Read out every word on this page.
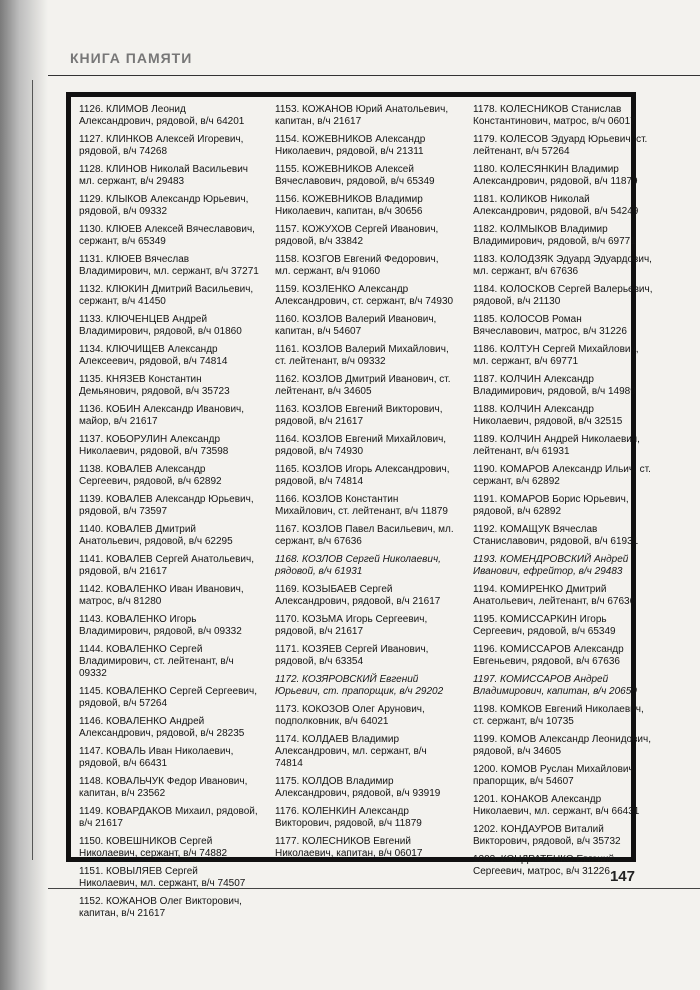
КНИГА ПАМЯТИ

1126. КЛИМОВ Леонид Александрович, рядовой, в/ч 64201

1127. КЛИНКОВ Алексей Игоревич, рядовой, в/ч 74268

1128. КЛИНОВ Николай Васильевич мл. сержант, в/ч 29483

1129. КЛЫКОВ Александр Юрьевич, рядовой, в/ч 09332

1130. КЛЮЕВ Алексей Вячеславович, сержант, в/ч 65349

1131. КЛЮЕВ Вячеслав Владимирович, мл. сержант, в/ч 37271

1132. КЛЮКИН Дмитрий Васильевич, сержант, в/ч 41450

1133. КЛЮЧЕНЦЕВ Андрей Владимирович, рядовой, в/ч 01860

1134. КЛЮЧИЩЕВ Александр Алексеевич, рядовой, в/ч 74814

1135. КНЯЗЕВ Константин Демьянович, рядовой, в/ч 35723

1136. КОБИН Александр Иванович, майор, в/ч 21617

1137. КОБОРУЛИН Александр Николаевич, рядовой, в/ч 73598

1138. КОВАЛЕВ Александр Сергеевич, рядовой, в/ч 62892

1139. КОВАЛЕВ Александр Юрьевич, рядовой, в/ч 73597

1140. КОВАЛЕВ Дмитрий Анатольевич, рядовой, в/ч 62295

1141. КОВАЛЕВ Сергей Анатольевич, рядовой, в/ч 21617

1142. КОВАЛЕНКО Иван Иванович, матрос, в/ч 81280

1143. КОВАЛЕНКО Игорь Владимирович, рядовой, в/ч 09332

1144. КОВАЛЕНКО Сергей Владимирович, ст. лейтенант, в/ч 09332

1145. КОВАЛЕНКО Сергей Сергеевич, рядовой, в/ч 57264

1146. КОВАЛЕНКО Андрей Александрович, рядовой, в/ч 28235

1147. КОВАЛЬ Иван Николаевич, рядовой, в/ч 66431

1148. КОВАЛЬЧУК Федор Иванович, капитан, в/ч 23562

1149. КОВАРДАКОВ Михаил, рядовой, в/ч 21617

1150. КОВЕШНИКОВ Сергей Николаевич, сержант, в/ч 74882

1151. КОВЫЛЯЕВ Сергей Николаевич, мл. сержант, в/ч 74507

1152. КОЖАНОВ Олег Викторович, капитан, в/ч 21617

1153. КОЖАНОВ Юрий Анатольевич, капитан, в/ч 21617

1154. КОЖЕВНИКОВ Александр Николаевич, рядовой, в/ч 21311

1155. КОЖЕВНИКОВ Алексей Вячеславович, рядовой, в/ч 65349

1156. КОЖЕВНИКОВ Владимир Николаевич, капитан, в/ч 30656

1157. КОЖУХОВ Сергей Иванович, рядовой, в/ч 33842

1158. КОЗГОВ Евгений Федорович, мл. сержант, в/ч 91060

1159. КОЗЛЕНКО Александр Александрович, ст. сержант, в/ч 74930

1160. КОЗЛОВ Валерий Иванович, капитан, в/ч 54607

1161. КОЗЛОВ Валерий Михайлович, ст. лейтенант, в/ч 09332

1162. КОЗЛОВ Дмитрий Иванович, ст. лейтенант, в/ч 34605

1163. КОЗЛОВ Евгений Викторович, рядовой, в/ч 21617

1164. КОЗЛОВ Евгений Михайлович, рядовой, в/ч 74930

1165. КОЗЛОВ Игорь Александрович, рядовой, в/ч 74814

1166. КОЗЛОВ Константин Михайлович, ст. лейтенант, в/ч 11879

1167. КОЗЛОВ Павел Васильевич, мл. сержант, в/ч 67636

1168. КОЗЛОВ Сергей Николаевич, рядовой, в/ч 61931

1169. КОЗЫБАЕВ Сергей Александрович, рядовой, в/ч 21617

1170. КОЗЬМА Игорь Сергеевич, рядовой, в/ч 21617

1171. КОЗЯЕВ Сергей Иванович, рядовой, в/ч 63354

1172. КОЗЯРОВСКИЙ Евгений Юрьевич, ст. прапорщик, в/ч 29202

1173. КОКОЗОВ Олег Арунович, подполковник, в/ч 64021

1174. КОЛДАЕВ Владимир Александрович, мл. сержант, в/ч 74814

1175. КОЛДОВ Владимир Александрович, рядовой, в/ч 93919

1176. КОЛЕНКИН Александр Викторович, рядовой, в/ч 11879

1177. КОЛЕСНИКОВ Евгений Николаевич, капитан, в/ч 06017

1178. КОЛЕСНИКОВ Станислав Константинович, матрос, в/ч 06017

1179. КОЛЕСОВ Эдуард Юрьевич, ст. лейтенант, в/ч 57264

1180. КОЛЕСЯНКИН Владимир Александрович, рядовой, в/ч 11879

1181. КОЛИКОВ Николай Александрович, рядовой, в/ч 54249

1182. КОЛМЫКОВ Владимир Владимирович, рядовой, в/ч 69771

1183. КОЛОДЗЯК Эдуард Эдуардович, мл. сержант, в/ч 67636

1184. КОЛОСКОВ Сергей Валерьевич, рядовой, в/ч 21130

1185. КОЛОСОВ Роман Вячеславович, матрос, в/ч 31226

1186. КОЛТУН Сергей Михайлович, мл. сержант, в/ч 69771

1187. КОЛЧИН Александр Владимирович, рядовой, в/ч 14989

1188. КОЛЧИН Александр Николаевич, рядовой, в/ч 32515

1189. КОЛЧИН Андрей Николаевич, лейтенант, в/ч 61931

1190. КОМАРОВ Александр Ильич, ст. сержант, в/ч 62892

1191. КОМАРОВ Борис Юрьевич, рядовой, в/ч 62892

1192. КОМАЩУК Вячеслав Станиславович, рядовой, в/ч 61931

1193. КОМЕНДРОВСКИЙ Андрей Иванович, ефрейтор, в/ч 29483

1194. КОМИРЕНКО Дмитрий Анатольевич, лейтенант, в/ч 67636

1195. КОМИССАРКИН Игорь Сергеевич, рядовой, в/ч 65349

1196. КОМИССАРОВ Александр Евгеньевич, рядовой, в/ч 67636

1197. КОМИССАРОВ Андрей Владимирович, капитан, в/ч 20650

1198. КОМКОВ Евгений Николаевич, ст. сержант, в/ч 10735

1199. КОМОВ Александр Леонидович, рядовой, в/ч 34605

1200. КОМОВ Руслан Михайлович, прапорщик, в/ч 54607

1201. КОНАКОВ Александр Николаевич, мл. сержант, в/ч 66431

1202. КОНДАУРОВ Виталий Викторович, рядовой, в/ч 35732

1203. КОНДРАТЕНКО Евгений Сергеевич, матрос, в/ч 31226 147
